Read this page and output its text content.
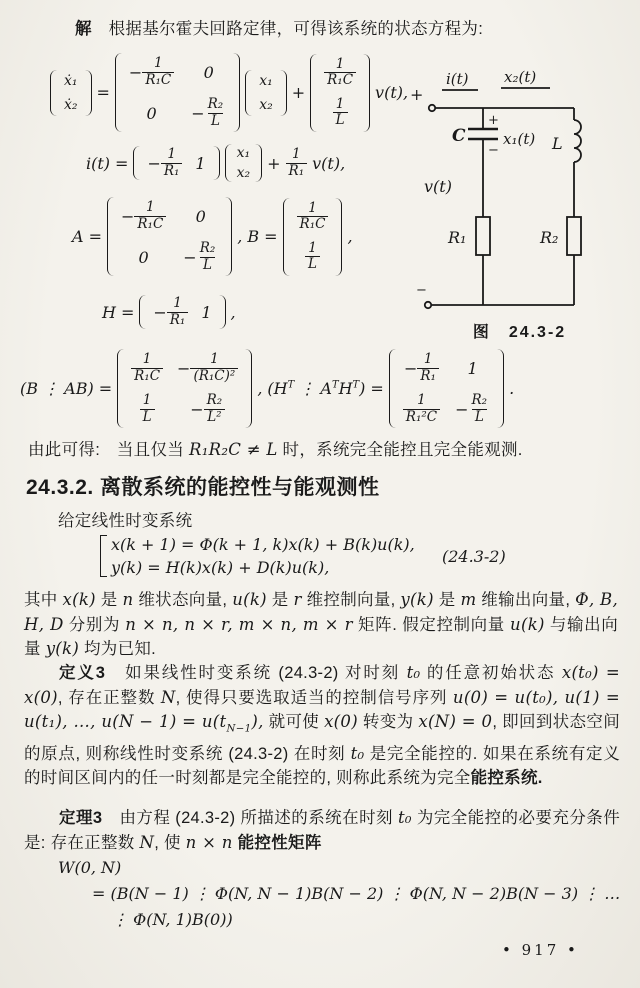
解　根据基尔霍夫回路定律，可得该系统的状态方程为:
ẋ₁
ẋ₂
=
− $\frac{1}{\text{R₁C}} 0$
$0 - \frac{\text{R₂}}{L}$
x₁
x₂
+
$\frac{1}{\text{R₁C}}$
$\frac{1}{L}$
v(t),
i(t) = − $\frac{1}{\text{R₁}} 1$
x₁
x₂
+ $\frac{1}{\text{R₁}} v(t)$,
A =
− $\frac{1}{\text{R₁C}} 0$
$0 - \frac{\text{R₂}}{L}$
, B =
$\frac{1}{\text{R₁C}}$
$\frac{1}{L}$
,
H = − $\frac{1}{\text{R₁}} 1$ ,
i(t) x₂(t)
+
C
+
−
x₁(t)
v(t)
R₁
L
R₂
−
图　24.3-2
(B ⋮ AB) =
$\frac{1}{\text{R₁C}} - \frac{1}{\text{(R₁C)²}}$
$\frac{1}{L} - \frac{\text{R₂}}{\text{L²}}$
, ($H^T$ ⋮ $A^TH^T$) =
− $\frac{1}{\text{R₁}} 1$
$\frac{1}{\text{R₁²C}} - \frac{\text{R₂}}{L}$
.
由此可得:　当且仅当 R₁R₂C ≠ L 时，系统完全能控且完全能观测.
24.3.2. 离散系统的能控性与能观测性
给定线性时变系统
x(k + 1) = Φ(k + 1, k)x(k) + B(k)u(k),
y(k) = H(k)x(k) + D(k)u(k),
(24.3-2)
其中 x(k) 是 n 维状态向量, u(k) 是 r 维控制向量, y(k) 是 m 维输出向量, Φ, B, H, D 分别为 n × n, n × r, m × n, m × r 矩阵. 假定控制向量 u(k) 与输出向量 y(k) 均为已知.
定义3　如果线性时变系统 (24.3-2) 对时刻 t₀ 的任意初始状态 x(t₀) = x(0), 存在正整数 N, 使得只要选取适当的控制信号序列 u(0) = u(t₀), u(1) = u(t₁), …, $u(N - 1) = u(t_{N-1})$, 就可使 x(0) 转变为 x(N) = 0, 即回到状态空间的原点, 则称线性时变系统 (24.3-2) 在时刻 t₀ 是完全能控的. 如果在系统有定义的时间区间内的任一时刻都是完全能控的, 则称此系统为完全能控系统.
定理3　由方程 (24.3-2) 所描述的系统在时刻 t₀ 为完全能控的必要充分条件是: 存在正整数 N, 使 n × n 能控性矩阵
W(0, N)
= (B(N − 1) ⋮ Φ(N, N − 1)B(N − 2) ⋮ Φ(N, N − 2)B(N − 3) ⋮ …
⋮ Φ(N, 1)B(0))
• 917 •
